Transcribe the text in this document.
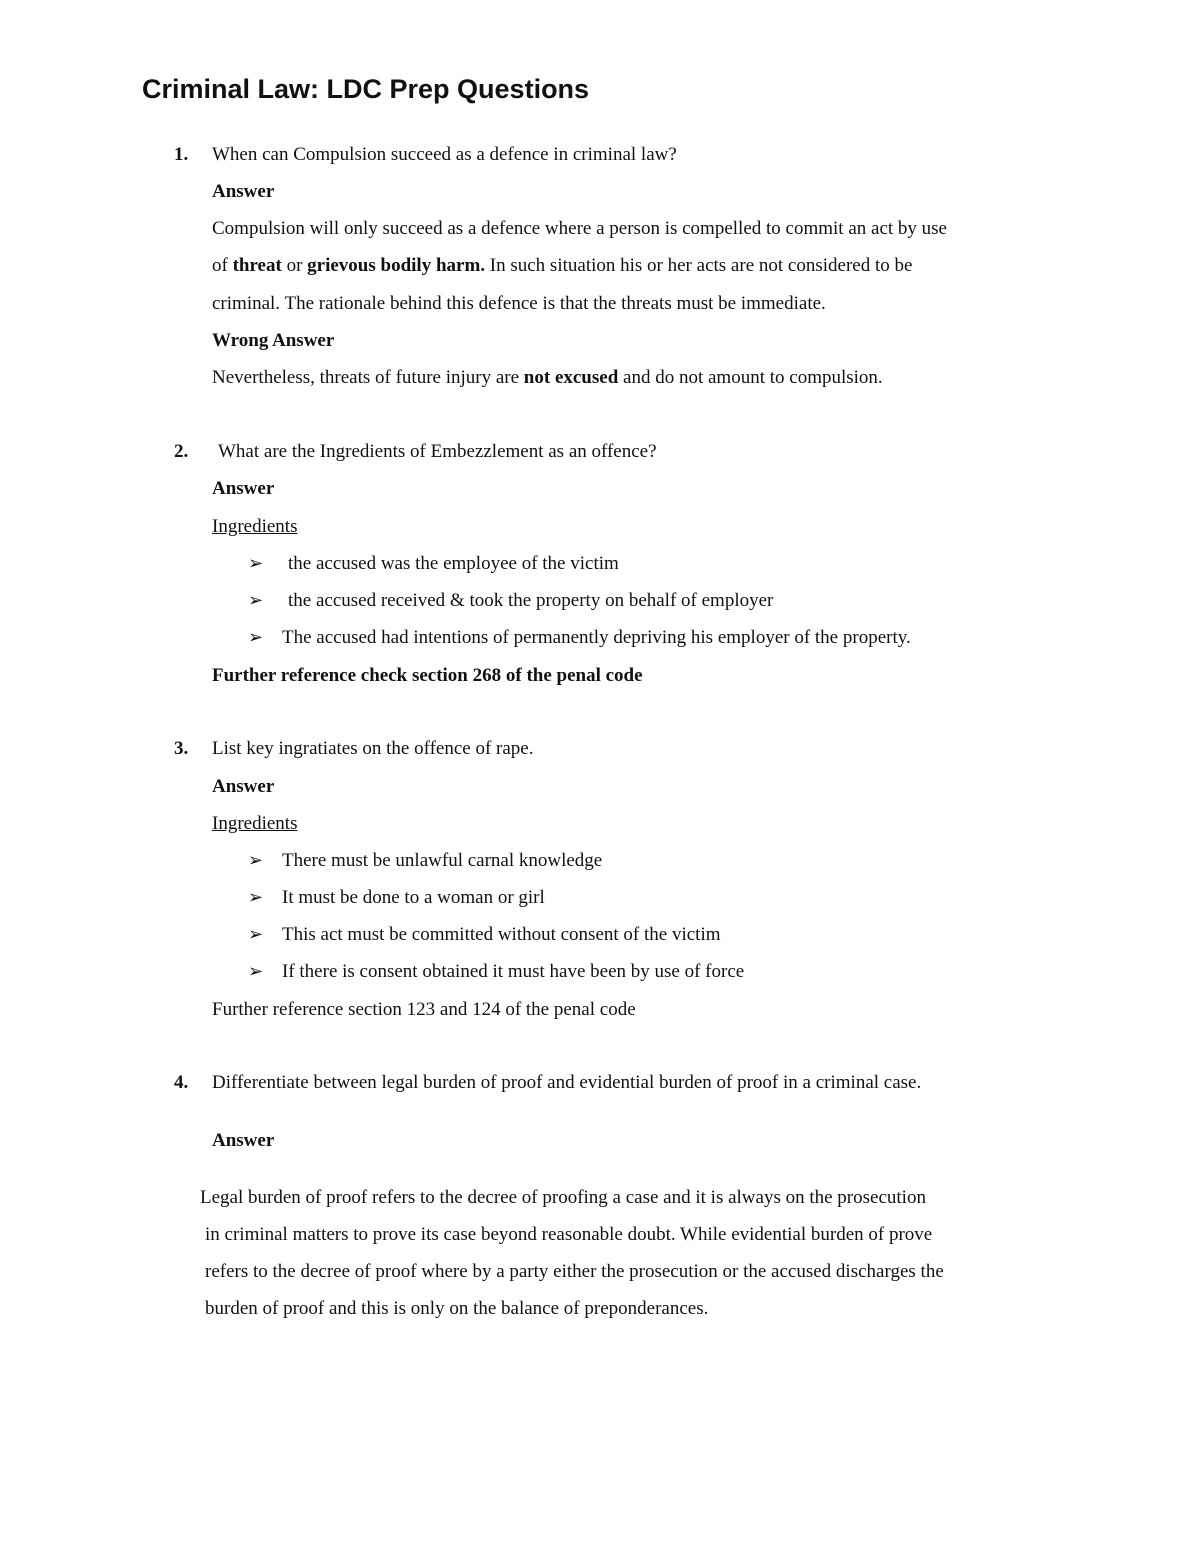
Criminal Law: LDC Prep Questions
1. When can Compulsion succeed as a defence in criminal law?
Answer
Compulsion will only succeed as a defence where a person is compelled to commit an act by use
of threat or grievous bodily harm. In such situation his or her acts are not considered to be
criminal. The rationale behind this defence is that the threats must be immediate.
Wrong Answer
Nevertheless, threats of future injury are not excused and do not amount to compulsion.
2. What are the Ingredients of Embezzlement as an offence?
Answer
Ingredients
➢ the accused was the employee of the victim
➢ the accused received & took the property on behalf of employer
➢ The accused had intentions of permanently depriving his employer of the property.
Further reference check section 268 of the penal code
3. List key ingratiates on the offence of rape.
Answer
Ingredients
➢ There must be unlawful carnal knowledge
➢ It must be done to a woman or girl
➢ This act must be committed without consent of the victim
➢ If there is consent obtained it must have been by use of force
Further reference section 123 and 124 of the penal code
4. Differentiate between legal burden of proof and evidential burden of proof in a criminal case.
Answer
Legal burden of proof refers to the decree of proofing a case and it is always on the prosecution
in criminal matters to prove its case beyond reasonable doubt. While evidential burden of prove
refers to the decree of proof where by a party either the prosecution or the accused discharges the
burden of proof and this is only on the balance of preponderances.
